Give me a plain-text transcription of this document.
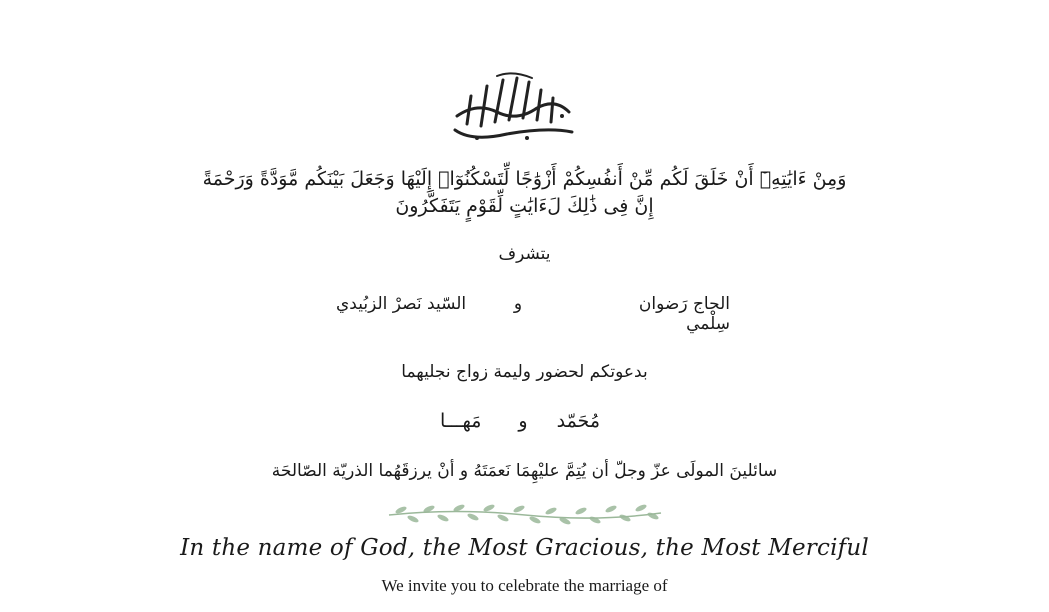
وَمِنْ ءَايَٰتِهِۦٓ أَنْ خَلَقَ لَكُم مِّنْ أَنفُسِكُمْ أَزْوَٰجًا لِّتَسْكُنُوٓا۟ إِلَيْهَا وَجَعَلَ بَيْنَكُم مَّوَدَّةً وَرَحْمَةً
إِنَّ فِى ذَٰلِكَ لَءَايَٰتٍ لِّقَوْمٍ يَتَفَكَّرُونَ
يتشرف
الحاج رَضوان سِلْمي
و
السّيد نَصرْ الزبُيدي
بدعوتكم لحضور وليمة زواج نجليهما
مُحَمّد
و
مَهـــا
سائلينَ المولَى عزّ وجلّ أن يُتِمَّ عليْهِمَا نَعمَتَهُ و أنْ يرزقَهُما الذريّة الصّالحَة
In the name of God, the Most Gracious, the Most Merciful
We invite you to celebrate the marriage of
